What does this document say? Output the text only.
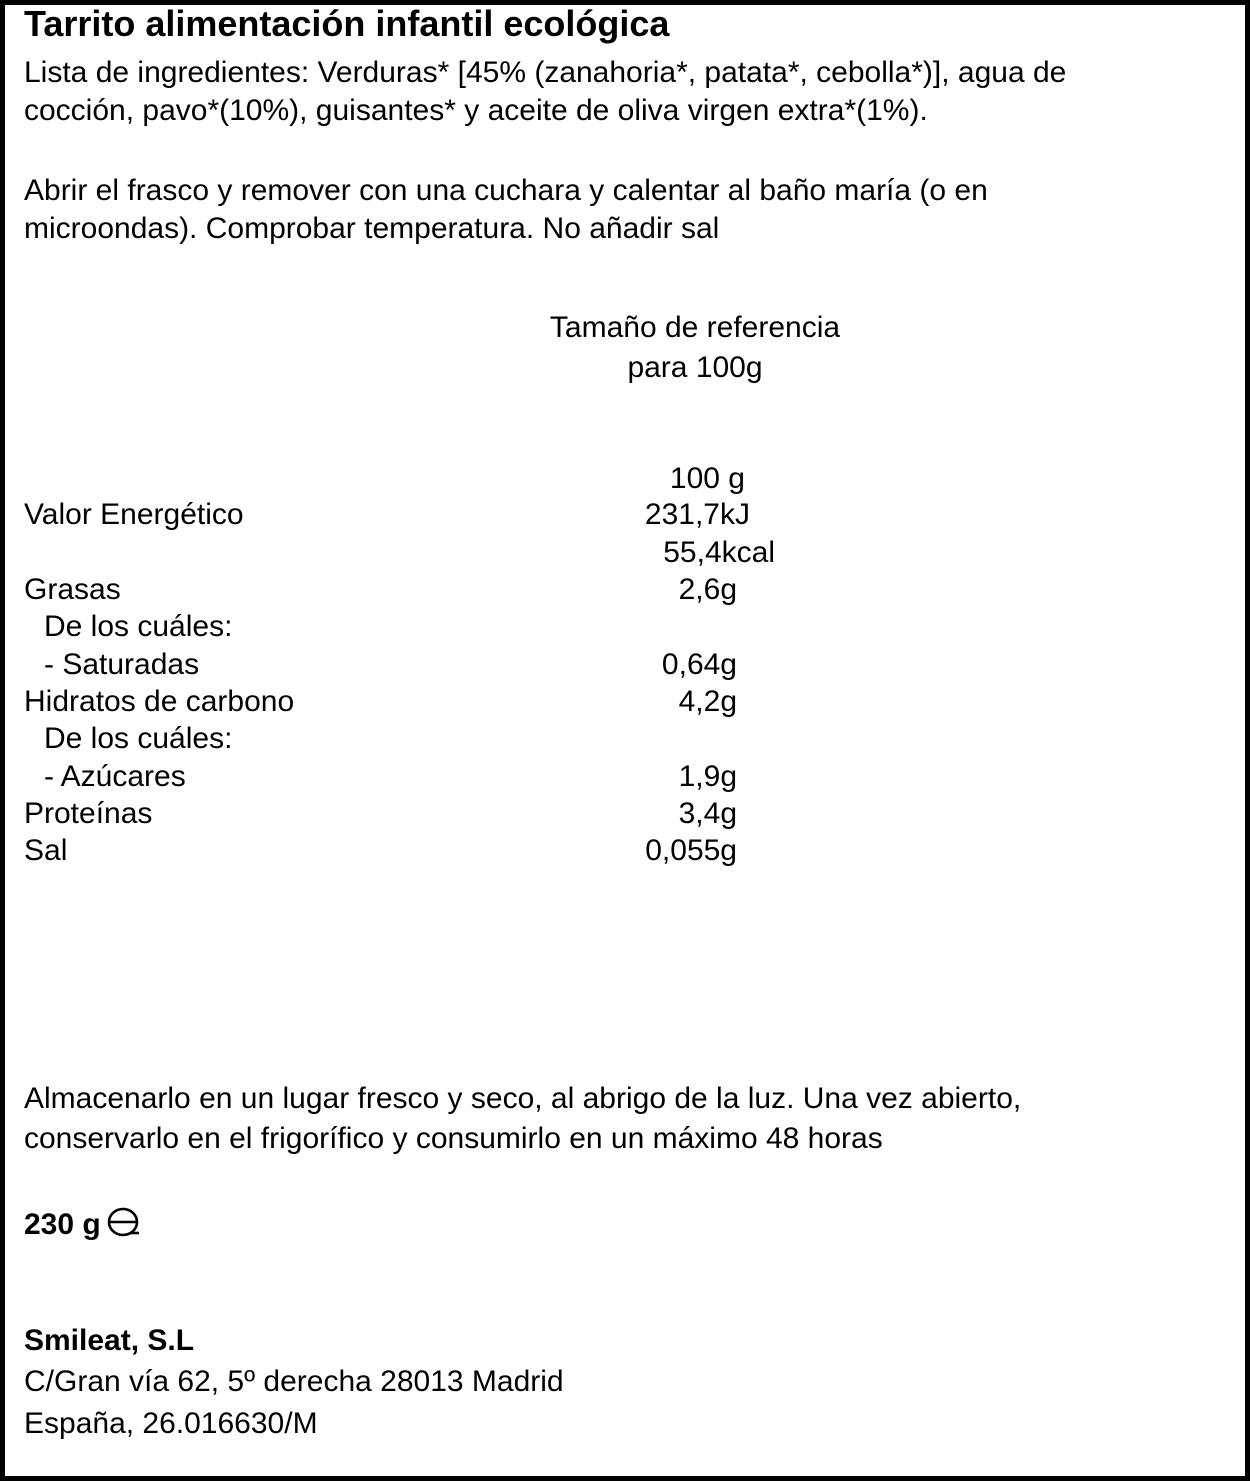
Tarrito alimentación infantil ecológica
Lista de ingredientes: Verduras* [45% (zanahoria*, patata*, cebolla*)], agua de
cocción, pavo*(10%), guisantes* y aceite de oliva virgen extra*(1%).
Abrir el frasco y remover con una cuchara y calentar al baño maría (o en
microondas). Comprobar temperatura. No añadir sal
Tamaño de referencia
para 100g
100 g
Valor Energético	231,7kJ
55,4kcal
Grasas	2,6g
De los cuáles:
- Saturadas	0,64g
Hidratos de carbono	4,2g
De los cuáles:
- Azúcares	1,9g
Proteínas	3,4g
Sal	0,055g
Almacenarlo en un lugar fresco y seco, al abrigo de la luz. Una vez abierto,
conservarlo en el frigorífico y consumirlo en un máximo 48 horas
230 g
Smileat, S.L
C/Gran vía 62, 5º derecha 28013 Madrid
España, 26.016630/M
